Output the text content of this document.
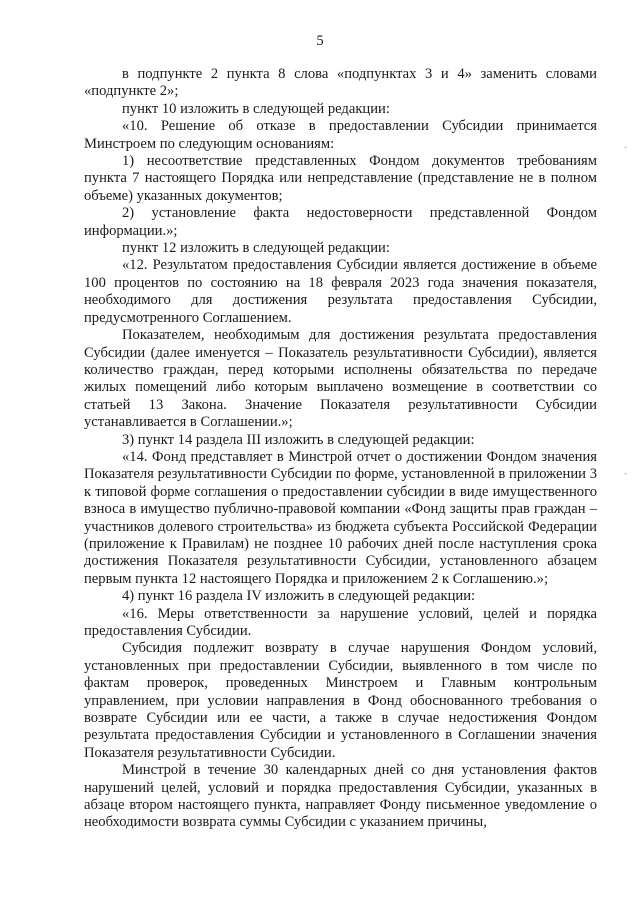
5

в подпункте 2 пункта 8 слова «подпунктах 3 и 4» заменить словами «подпункте 2»;

пункт 10 изложить в следующей редакции:

«10. Решение об отказе в предоставлении Субсидии принимается Минстроем по следующим основаниям:

1) несоответствие представленных Фондом документов требованиям пункта 7 настоящего Порядка или непредставление (представление не в полном объеме) указанных документов;

2) установление факта недостоверности представленной Фондом информации.»;

пункт 12 изложить в следующей редакции:

«12. Результатом предоставления Субсидии является достижение в объеме 100 процентов по состоянию на 18 февраля 2023 года значения показателя, необходимого для достижения результата предоставления Субсидии, предусмотренного Соглашением.

Показателем, необходимым для достижения результата предоставления Субсидии (далее именуется – Показатель результативности Субсидии), является количество граждан, перед которыми исполнены обязательства по передаче жилых помещений либо которым выплачено возмещение в соответствии со статьей 13 Закона. Значение Показателя результативности Субсидии устанавливается в Соглашении.»;

3) пункт 14 раздела III изложить в следующей редакции:

«14. Фонд представляет в Минстрой отчет о достижении Фондом значения Показателя результативности Субсидии по форме, установленной в приложении 3 к типовой форме соглашения о предоставлении субсидии в виде имущественного взноса в имущество публично-правовой компании «Фонд защиты прав граждан – участников долевого строительства» из бюджета субъекта Российской Федерации (приложение к Правилам) не позднее 10 рабочих дней после наступления срока достижения Показателя результативности Субсидии, установленного абзацем первым пункта 12 настоящего Порядка и приложением 2 к Соглашению.»;

4) пункт 16 раздела IV изложить в следующей редакции:

«16. Меры ответственности за нарушение условий, целей и порядка предоставления Субсидии.

Субсидия подлежит возврату в случае нарушения Фондом условий, установленных при предоставлении Субсидии, выявленного в том числе по фактам проверок, проведенных Минстроем и Главным контрольным управлением, при условии направления в Фонд обоснованного требования о возврате Субсидии или ее части, а также в случае недостижения Фондом результата предоставления Субсидии и установленного в Соглашении значения Показателя результативности Субсидии.

Минстрой в течение 30 календарных дней со дня установления фактов нарушений целей, условий и порядка предоставления Субсидии, указанных в абзаце втором настоящего пункта, направляет Фонду письменное уведомление о необходимости возврата суммы Субсидии с указанием причины,

-
-
